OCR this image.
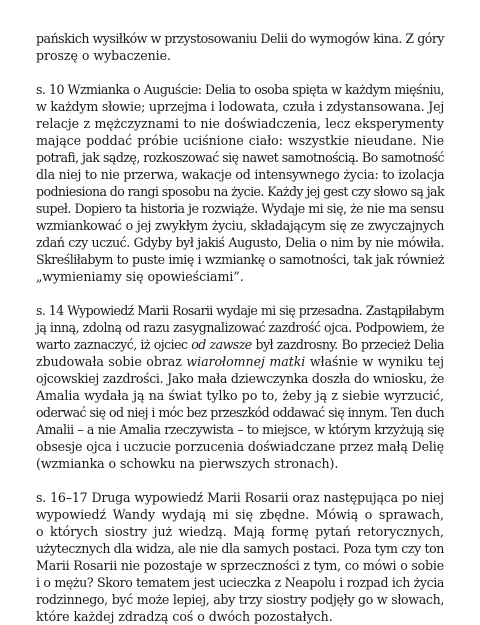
pańskich wysiłków w przystosowaniu Delii do wymogów kina. Z góry
proszę o wybaczenie.
s. 10 Wzmianka o Auguście: Delia to osoba spięta w każdym mięśniu,
w każdym słowie; uprzejma i lodowata, czuła i zdystansowana. Jej
relacje z mężczyznami to nie doświadczenia, lecz eksperymenty
mające poddać próbie uciśnione ciało: wszystkie nieudane. Nie
potrafi, jak sądzę, rozkoszować się nawet samotnością. Bo samotność
dla niej to nie przerwa, wakacje od intensywnego życia: to izolacja
podniesiona do rangi sposobu na życie. Każdy jej gest czy słowo są jak
supeł. Dopiero ta historia je rozwiąże. Wydaje mi się, że nie ma sensu
wzmiankować o jej zwykłym życiu, składającym się ze zwyczajnych
zdań czy uczuć. Gdyby był jakiś Augusto, Delia o nim by nie mówiła.
Skreśliłabym to puste imię i wzmiankę o samotności, tak jak również
„wymieniamy się opowieściami”.
s. 14 Wypowiedź Marii Rosarii wydaje mi się przesadna. Zastąpiłabym
ją inną, zdolną od razu zasygnalizować zazdrość ojca. Podpowiem, że
warto zaznaczyć, iż ojciec od zawsze był zazdrosny. Bo przecież Delia
zbudowała sobie obraz wiarołomnej matki właśnie w wyniku tej
ojcowskiej zazdrości. Jako mała dziewczynka doszła do wniosku, że
Amalia wydała ją na świat tylko po to, żeby ją z siebie wyrzucić,
oderwać się od niej i móc bez przeszkód oddawać się innym. Ten duch
Amalii – a nie Amalia rzeczywista – to miejsce, w którym krzyżują się
obsesje ojca i uczucie porzucenia doświadczane przez małą Delię
(wzmianka o schowku na pierwszych stronach).
s. 16–17 Druga wypowiedź Marii Rosarii oraz następująca po niej
wypowiedź Wandy wydają mi się zbędne. Mówią o sprawach,
o których siostry już wiedzą. Mają formę pytań retorycznych,
użytecznych dla widza, ale nie dla samych postaci. Poza tym czy ton
Marii Rosarii nie pozostaje w sprzeczności z tym, co mówi o sobie
i o mężu? Skoro tematem jest ucieczka z Neapolu i rozpad ich życia
rodzinnego, być może lepiej, aby trzy siostry podjęły go w słowach,
które każdej zdradzą coś o dwóch pozostałych.
